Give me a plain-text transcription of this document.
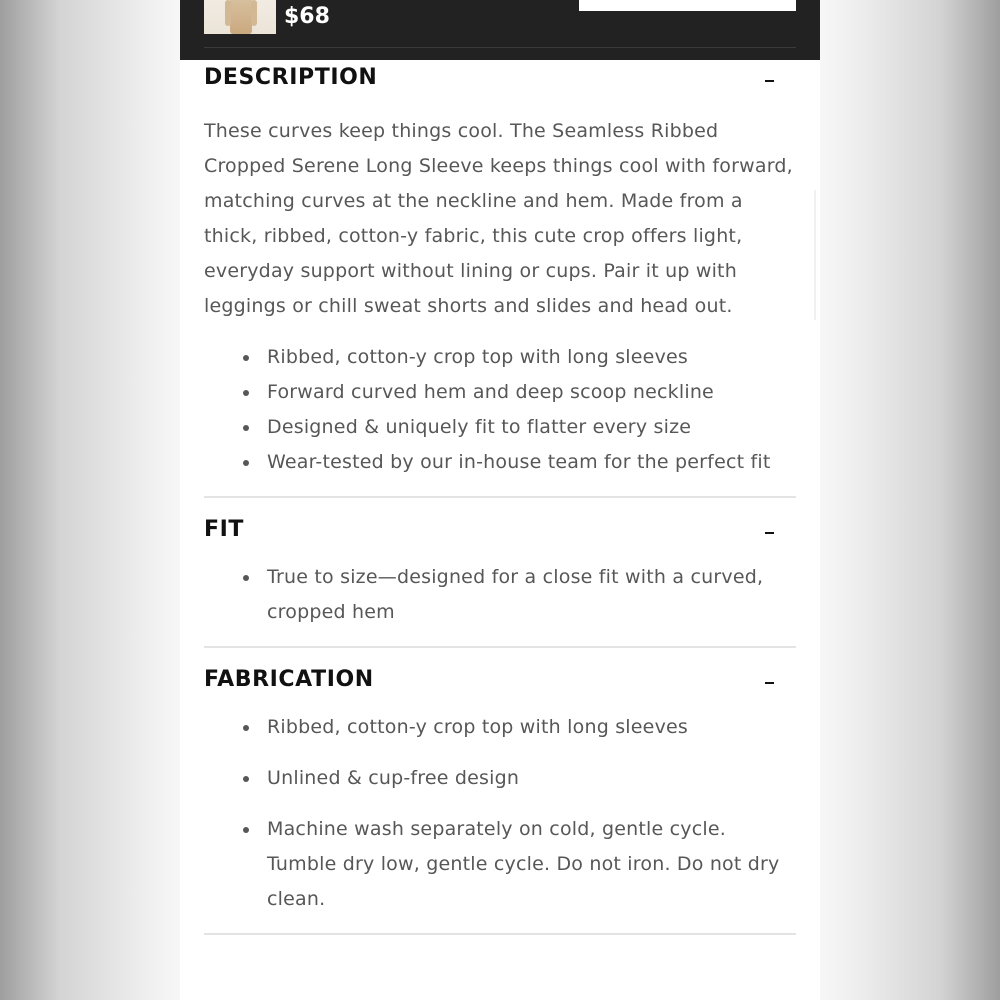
$68
DESCRIPTION

These curves keep things cool. The Seamless Ribbed Cropped Serene Long Sleeve keeps things cool with forward, matching curves at the neckline and hem. Made from a thick, ribbed, cotton-y fabric, this cute crop offers light, everyday support without lining or cups. Pair it up with leggings or chill sweat shorts and slides and head out.

Ribbed, cotton-y crop top with long sleeves
Forward curved hem and deep scoop neckline
Designed & uniquely fit to flatter every size
Wear-tested by our in-house team for the perfect fit
FIT
True to size—designed for a close fit with a curved, cropped hem
FABRICATION
Ribbed, cotton-y crop top with long sleeves
Unlined & cup-free design
Machine wash separately on cold, gentle cycle. Tumble dry low, gentle cycle. Do not iron. Do not dry clean.
